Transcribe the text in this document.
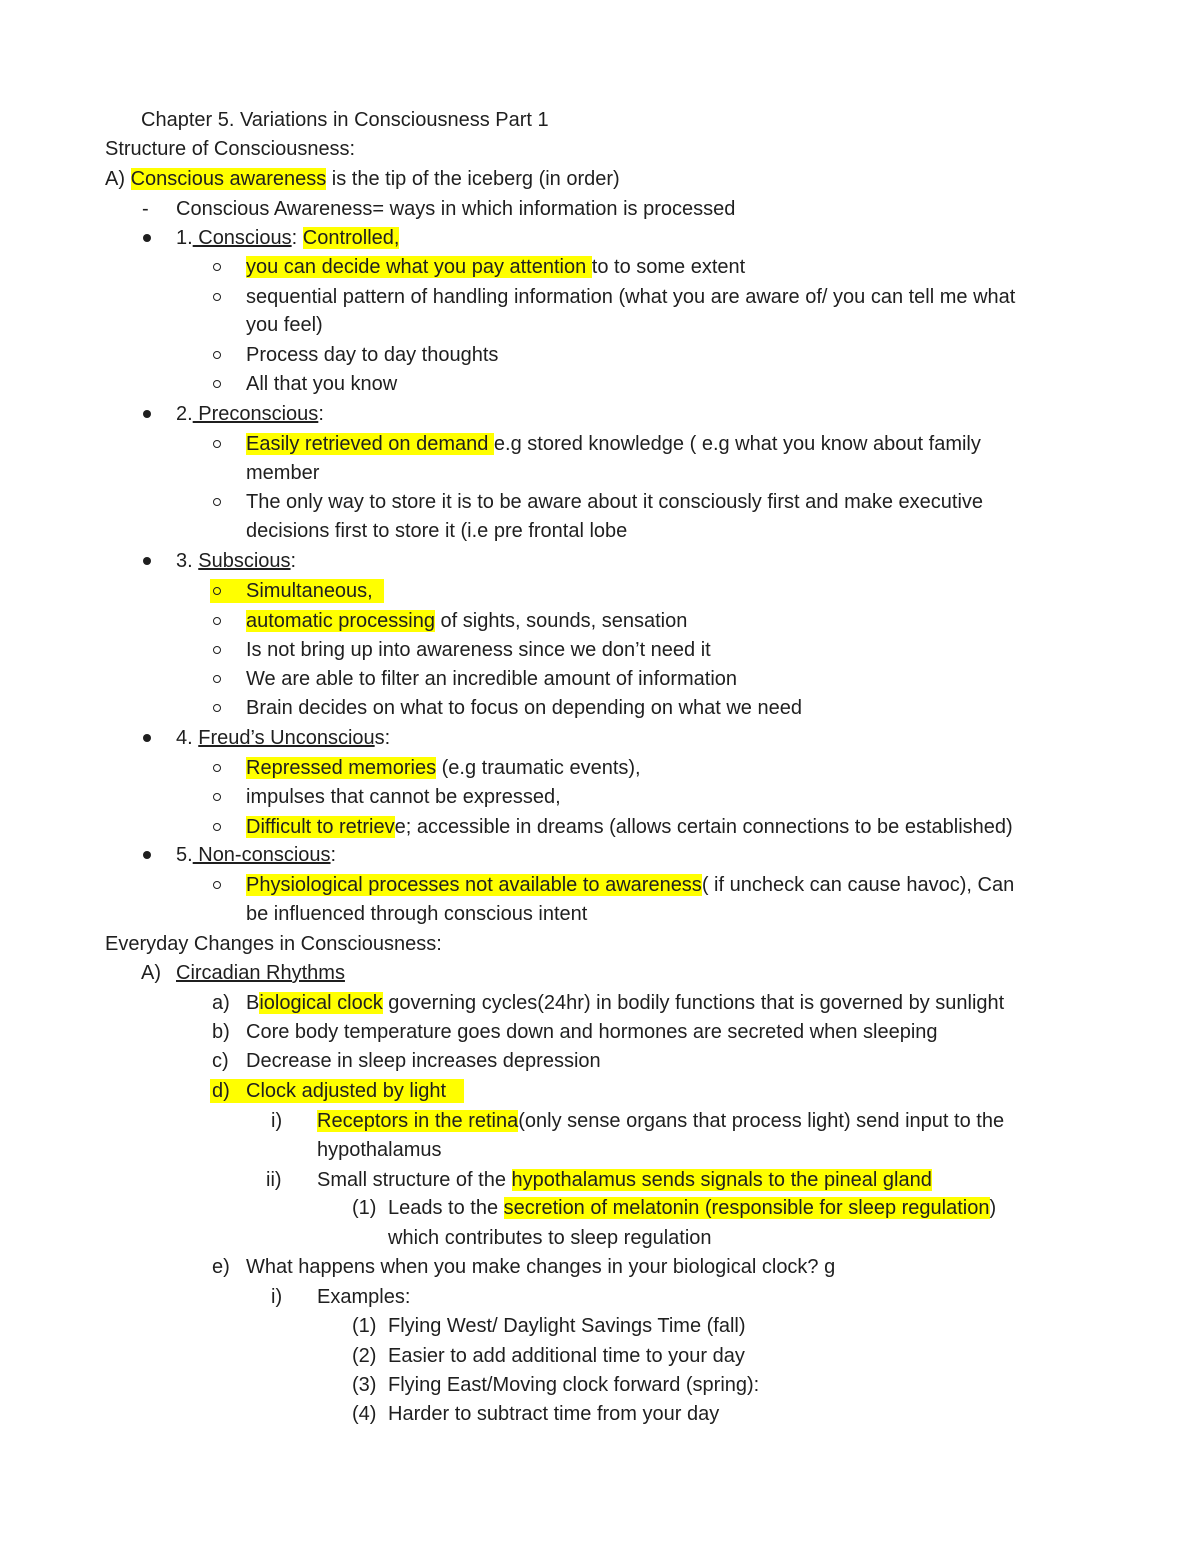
Chapter 5. Variations in Consciousness Part 1
Structure of Consciousness:
A) Conscious awareness is the tip of the iceberg (in order)
- Conscious Awareness= ways in which information is processed
1. Conscious: Controlled,
you can decide what you pay attention to to some extent
sequential pattern of handling information (what you are aware of/ you can tell me what
you feel)
Process day to day thoughts
All that you know
2. Preconscious:
Easily retrieved on demand e.g stored knowledge ( e.g what you know about family
member
The only way to store it is to be aware about it consciously first and make executive
decisions first to store it (i.e pre frontal lobe
3. Subscious:
Simultaneous,
automatic processing of sights, sounds, sensation
Is not bring up into awareness since we don’t need it
We are able to filter an incredible amount of information
Brain decides on what to focus on depending on what we need
4. Freud’s Unconscious:
Repressed memories (e.g traumatic events),
impulses that cannot be expressed,
Difficult to retrieve; accessible in dreams (allows certain connections to be established)
5. Non-conscious:
Physiological processes not available to awareness( if uncheck can cause havoc), Can
be influenced through conscious intent
Everyday Changes in Consciousness:
A) Circadian Rhythms
a) Biological clock governing cycles(24hr) in bodily functions that is governed by sunlight
b) Core body temperature goes down and hormones are secreted when sleeping
c) Decrease in sleep increases depression
d) Clock adjusted by light
i) Receptors in the retina(only sense organs that process light) send input to the
hypothalamus
ii) Small structure of the hypothalamus sends signals to the pineal gland
(1) Leads to the secretion of melatonin (responsible for sleep regulation)
which contributes to sleep regulation
e) What happens when you make changes in your biological clock? g
i) Examples:
(1) Flying West/ Daylight Savings Time (fall)
(2) Easier to add additional time to your day
(3) Flying East/Moving clock forward (spring):
(4) Harder to subtract time from your day
